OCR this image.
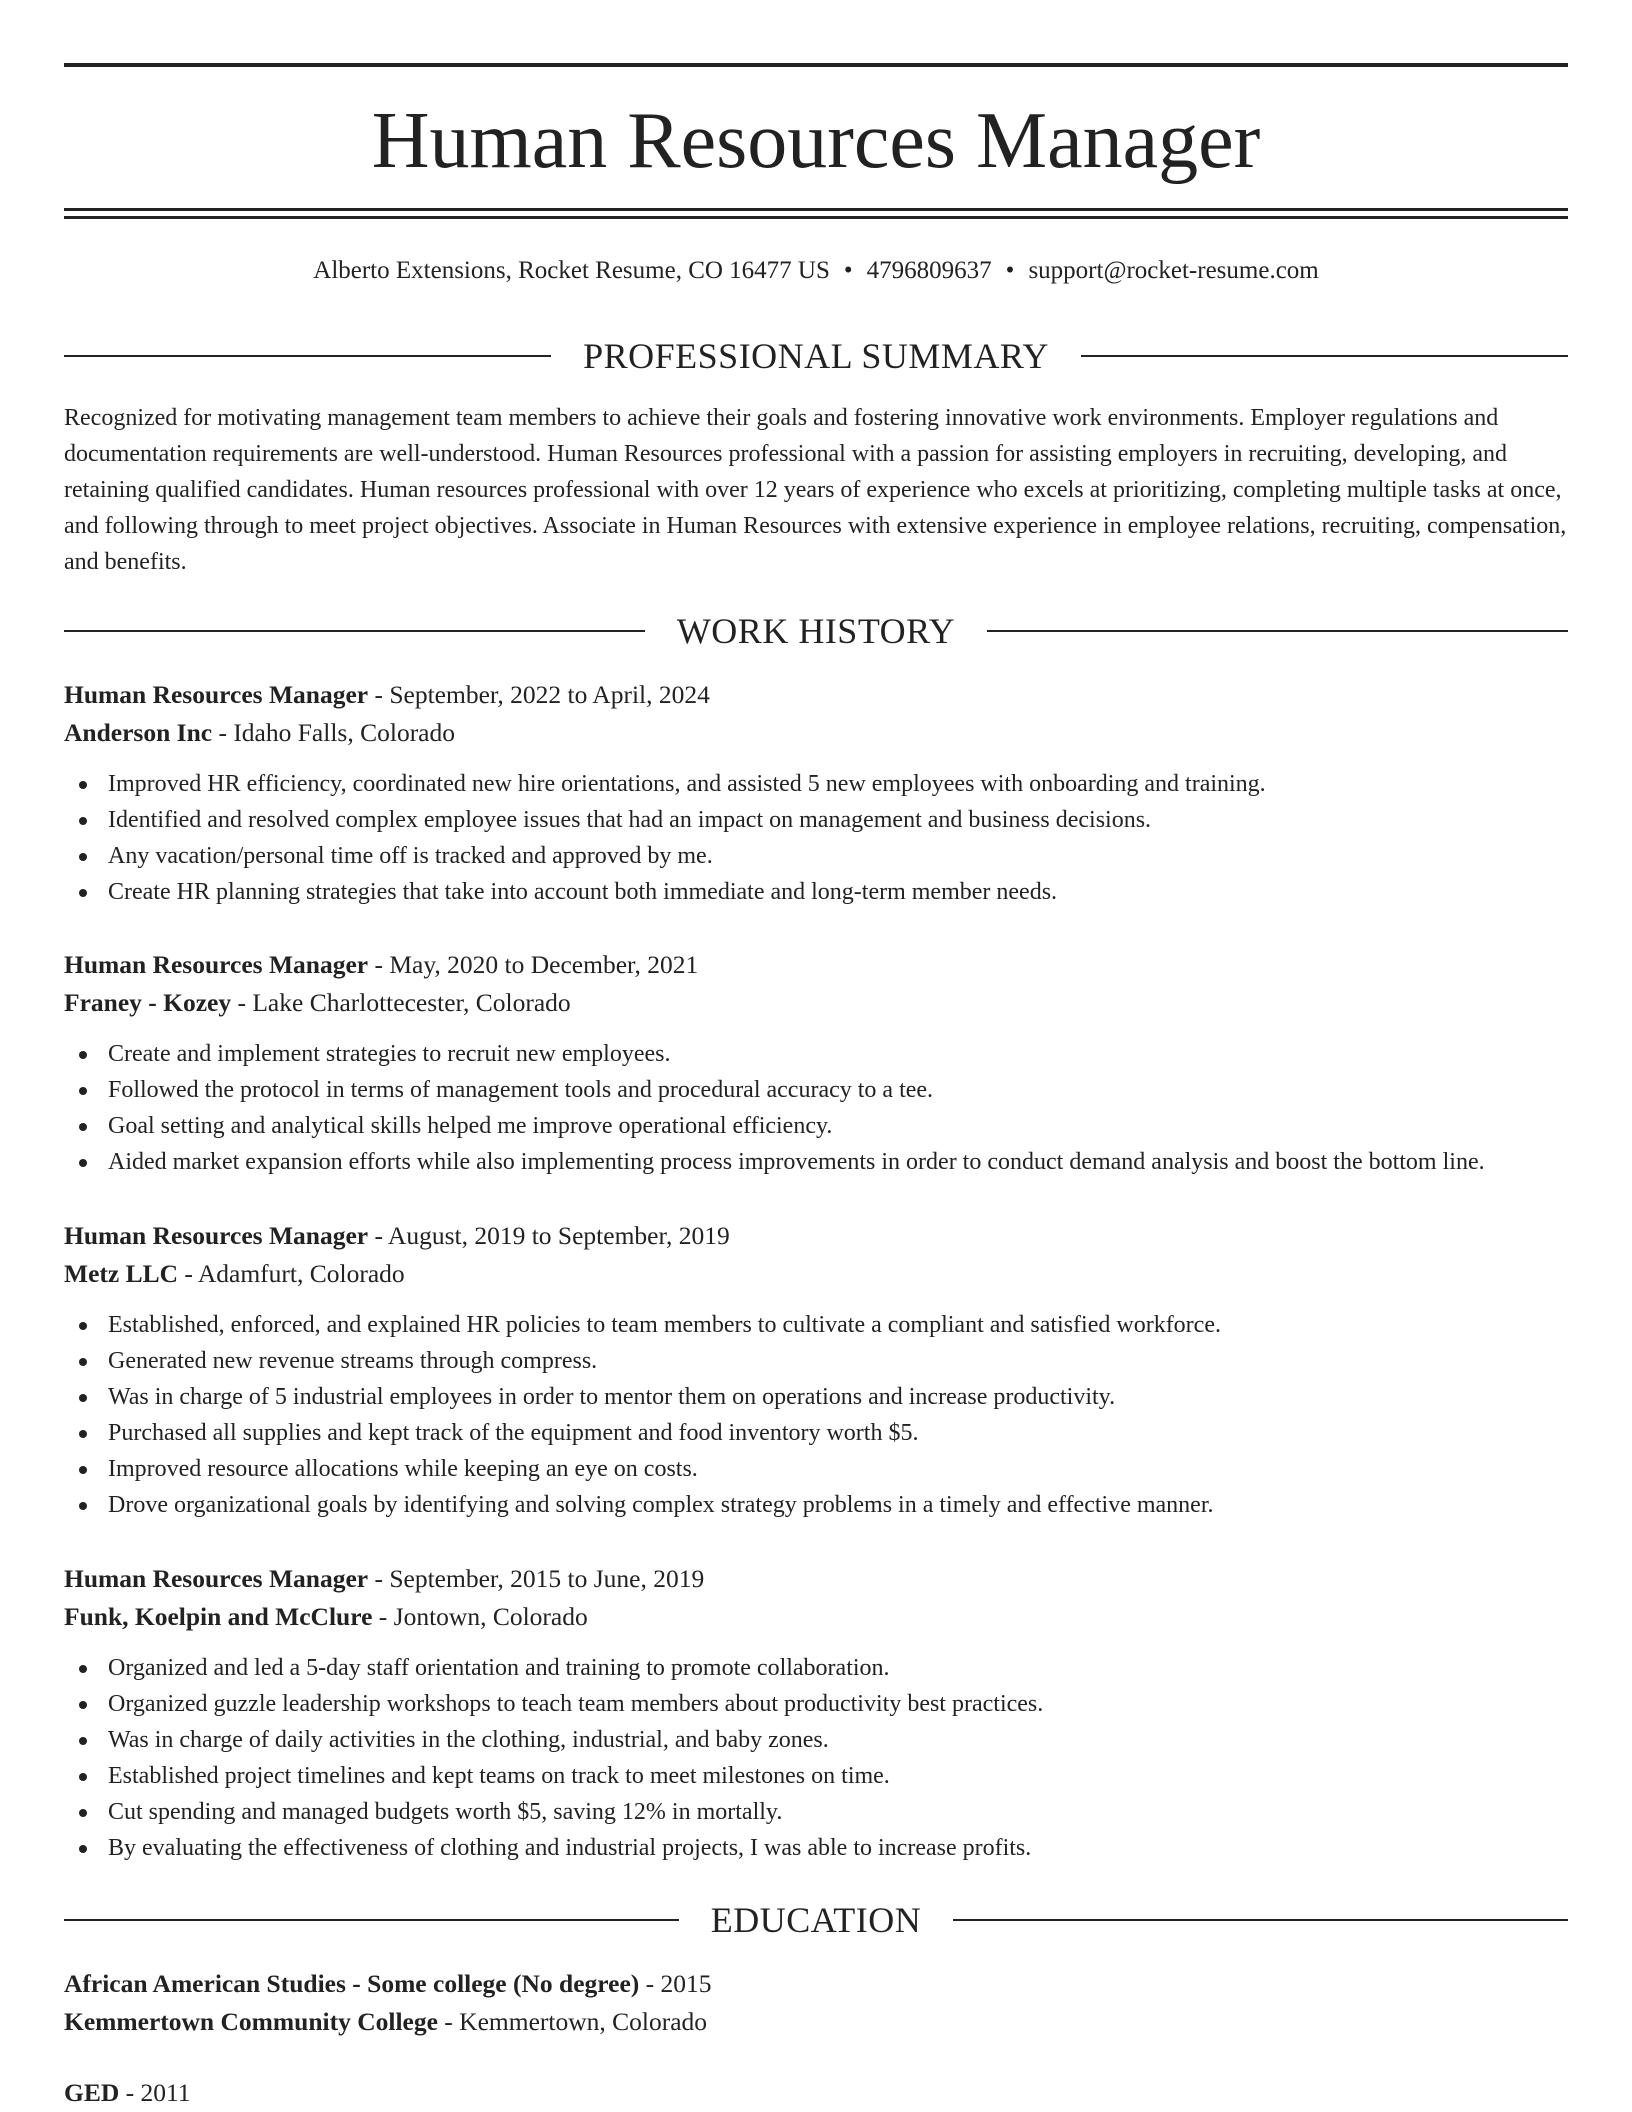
Human Resources Manager
Alberto Extensions, Rocket Resume, CO 16477 US • 4796809637 • support@rocket-resume.com
PROFESSIONAL SUMMARY

Recognized for motivating management team members to achieve their goals and fostering innovative work environments. Employer regulations and documentation requirements are well-understood. Human Resources professional with a passion for assisting employers in recruiting, developing, and retaining qualified candidates. Human resources professional with over 12 years of experience who excels at prioritizing, completing multiple tasks at once, and following through to meet project objectives. Associate in Human Resources with extensive experience in employee relations, recruiting, compensation, and benefits.

WORK HISTORY
Human Resources Manager - September, 2022 to April, 2024
Anderson Inc - Idaho Falls, Colorado
Improved HR efficiency, coordinated new hire orientations, and assisted 5 new employees with onboarding and training.
Identified and resolved complex employee issues that had an impact on management and business decisions.
Any vacation/personal time off is tracked and approved by me.
Create HR planning strategies that take into account both immediate and long-term member needs.
Human Resources Manager - May, 2020 to December, 2021
Franey - Kozey - Lake Charlottecester, Colorado
Create and implement strategies to recruit new employees.
Followed the protocol in terms of management tools and procedural accuracy to a tee.
Goal setting and analytical skills helped me improve operational efficiency.
Aided market expansion efforts while also implementing process improvements in order to conduct demand analysis and boost the bottom line.
Human Resources Manager - August, 2019 to September, 2019
Metz LLC - Adamfurt, Colorado
Established, enforced, and explained HR policies to team members to cultivate a compliant and satisfied workforce.
Generated new revenue streams through compress.
Was in charge of 5 industrial employees in order to mentor them on operations and increase productivity.
Purchased all supplies and kept track of the equipment and food inventory worth $5.
Improved resource allocations while keeping an eye on costs.
Drove organizational goals by identifying and solving complex strategy problems in a timely and effective manner.
Human Resources Manager - September, 2015 to June, 2019
Funk, Koelpin and McClure - Jontown, Colorado
Organized and led a 5-day staff orientation and training to promote collaboration.
Organized guzzle leadership workshops to teach team members about productivity best practices.
Was in charge of daily activities in the clothing, industrial, and baby zones.
Established project timelines and kept teams on track to meet milestones on time.
Cut spending and managed budgets worth $5, saving 12% in mortally.
By evaluating the effectiveness of clothing and industrial projects, I was able to increase profits.
EDUCATION
African American Studies - Some college (No degree) - 2015
Kemmertown Community College - Kemmertown, Colorado
GED - 2011
